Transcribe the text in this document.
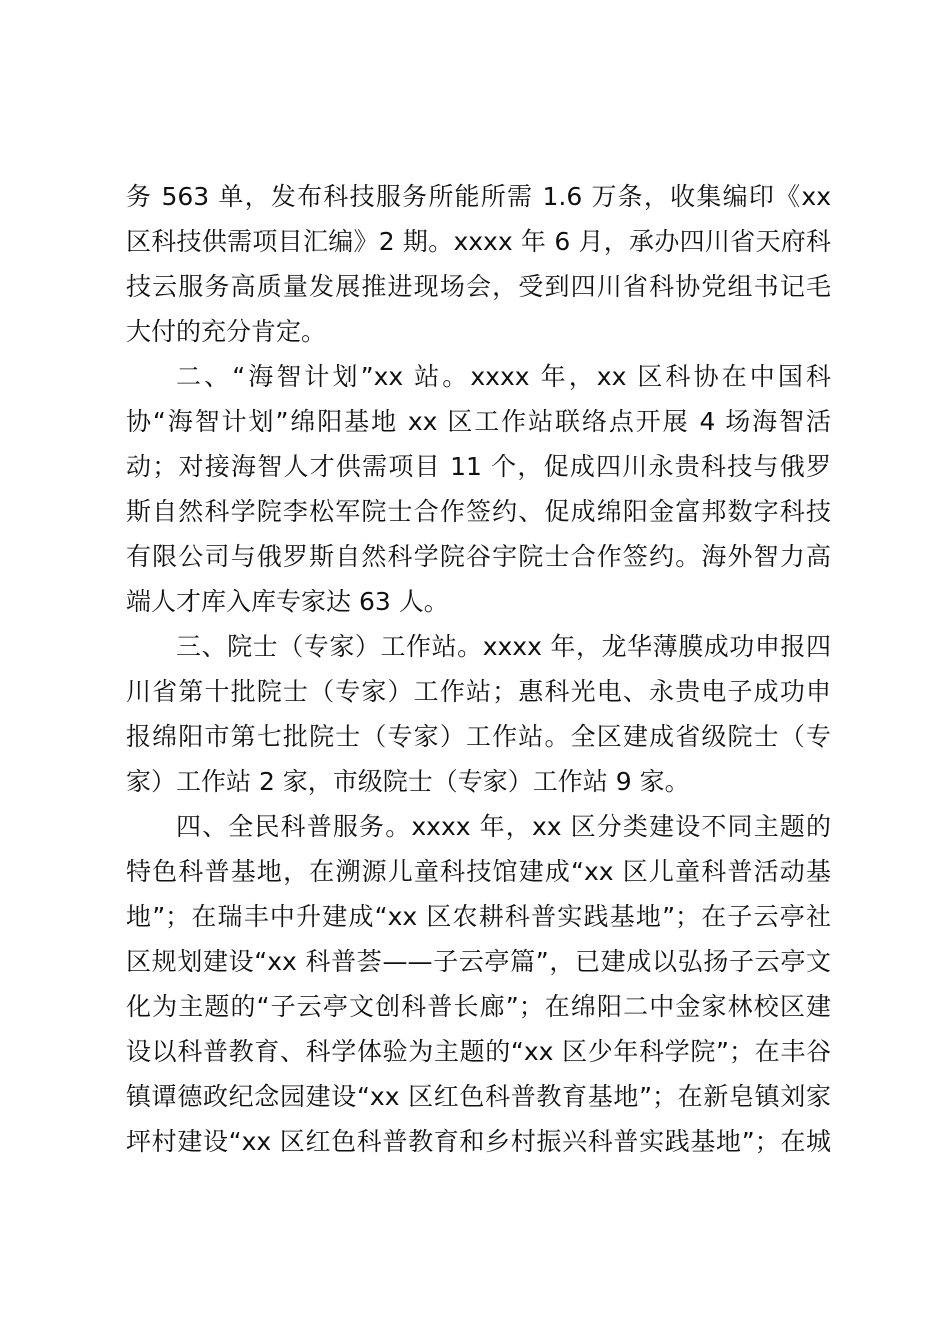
务 563 单，发布科技服务所能所需 1.6 万条，收集编印《xx
区科技供需项目汇编》2 期。xxxx 年 6 月，承办四川省天府科
技云服务高质量发展推进现场会，受到四川省科协党组书记毛
大付的充分肯定。
二、“海智计划”xx 站。xxxx 年，xx 区科协在中国科
协“海智计划”绵阳基地 xx 区工作站联络点开展 4 场海智活
动；对接海智人才供需项目 11 个，促成四川永贵科技与俄罗
斯自然科学院李松军院士合作签约、促成绵阳金富邦数字科技
有限公司与俄罗斯自然科学院谷宇院士合作签约。海外智力高
端人才库入库专家达 63 人。
三、院士（专家）工作站。xxxx 年，龙华薄膜成功申报四
川省第十批院士（专家）工作站；惠科光电、永贵电子成功申
报绵阳市第七批院士（专家）工作站。全区建成省级院士（专
家）工作站 2 家，市级院士（专家）工作站 9 家。
四、全民科普服务。xxxx 年，xx 区分类建设不同主题的
特色科普基地，在溯源儿童科技馆建成“xx 区儿童科普活动基
地”；在瑞丰中升建成“xx 区农耕科普实践基地”；在子云亭社
区规划建设“xx 科普荟——子云亭篇”，已建成以弘扬子云亭文
化为主题的“子云亭文创科普长廊”；在绵阳二中金家林校区建
设以科普教育、科学体验为主题的“xx 区少年科学院”；在丰谷
镇谭德政纪念园建设“xx 区红色科普教育基地”；在新皂镇刘家
坪村建设“xx 区红色科普教育和乡村振兴科普实践基地”；在城
